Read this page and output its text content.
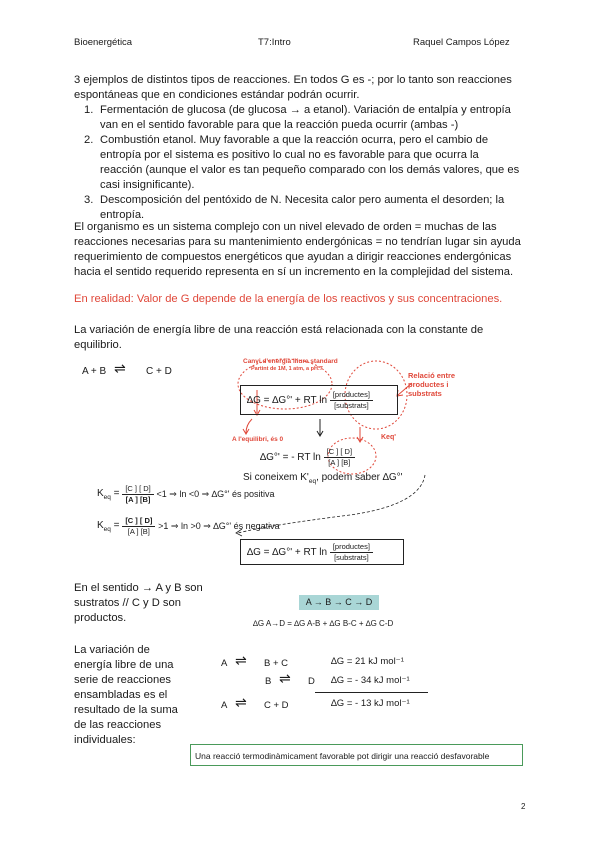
Bioenergética	T7:Intro	Raquel Campos López
3 ejemplos de distintos tipos de reacciones. En todos G es -; por lo tanto son reacciones espontáneas que en condiciones estándar podrán ocurrir.
1. Fermentación de glucosa (de glucosa → a etanol). Variación de entalpía y entropía van en el sentido favorable para que la reacción pueda ocurrir (ambas -)
2. Combustión etanol. Muy favorable a que la reacción ocurra, pero el cambio de entropía por el sistema es positivo lo cual no es favorable para que ocurra la reacción (aunque el valor es tan pequeño comparado con los demás valores, que es casi insignificante).
3. Descomposición del pentóxido de N. Necesita calor pero aumenta el desorden; la entropía.
El organismo es un sistema complejo con un nivel elevado de orden = muchas de las reacciones necesarias para su mantenimiento endergónicas = no tendrían lugar sin ayuda requerimiento de compuestos energéticos que ayudan a dirigir reacciones endergónicas hacia el sentido requerido representa en sí un incremento en la complejidad del sistema.
En realidad: Valor de G depende de la energía de los reactivos y sus concentraciones.
La variación de energía libre de una reacción está relacionada con la constante de equilibrio.
A + B ⇌ C + D
Canvi d'energia lliure standard
Partint de 1M, 1 atm, a pH:7
Relació entre productes i substrats
∆G = ∆G°' + RT ln
$\frac{\text{[productes]}}{\text{[substrats]}}$
A l'equilibri, és 0	Keq'
∆G°' = - RT ln
$\frac{[C ] [ D]}{[A ] [B]}$
Si coneixem $K'_{eq}$, podem saber ∆G°'
$K_{eq} = \frac{[C ] [ D]}{[A ] [B]}$
<1 ⇒ ln <0 ⇒ ∆G°' és positiva
$K_{eq} = \frac{[C ] [ D]}{[A ] [B]}$
>1 ⇒ ln >0 ⇒ ∆G°' és negativa
∆G = ∆G°' + RT ln
$\frac{\text{[productes]}}{\text{[substrats]}}$
En el sentido → A y B son sustratos // C y D son productos.
A → B → C → D
∆G A→D = ∆G A-B + ∆G B-C + ∆G C-D
La variación de energía libre de una serie de reacciones ensambladas es el resultado de la suma de las reacciones individuales:
A ⇌ B + C	∆G = 21 kJ mol⁻¹
B ⇌ D ∆G = - 34 kJ mol⁻¹
A ⇌ C + D	∆G = - 13 kJ mol⁻¹
Una reacció termodinàmicament favorable pot dirigir una reacció desfavorable
2
